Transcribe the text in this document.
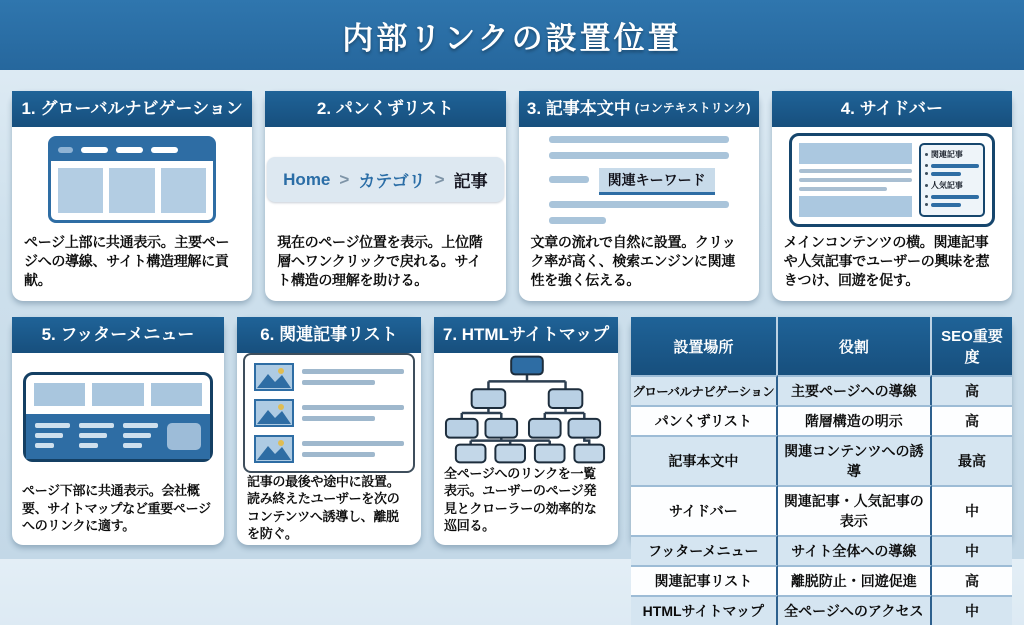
内部リンクの設置位置
1. グローバルナビゲーション

ページ上部に共通表示。主要ページへの導線、サイト構造理解に貢献。

2. パンくずリスト
Home > カテゴリ > 記事

現在のページ位置を表示。上位階層へワンクリックで戻れる。サイト構造の理解を助ける。

3. 記事本文中 (コンテキストリンク)
関連キーワード

文章の流れで自然に設置。クリック率が高く、検索エンジンに関連性を強く伝える。

4. サイドバー
関連記事
人気記事

メインコンテンツの横。関連記事や人気記事でユーザーの興味を惹きつけ、回遊を促す。

5. フッターメニュー

ページ下部に共通表示。会社概要、サイトマップなど重要ページへのリンクに適す。

6. 関連記事リスト

記事の最後や途中に設置。読み終えたユーザーを次のコンテンツへ誘導し、離脱を防ぐ。

7. HTMLサイトマップ

全ページへのリンクを一覧表示。ユーザーのページ発見とクローラーの効率的な巡回る。

設置場所	役割	SEO重要度
グローバルナビゲーション	主要ページへの導線	高
パンくずリスト	階層構造の明示	高
記事本文中	関連コンテンツへの誘導	最高
サイドバー	関連記事・人気記事の表示	中
フッターメニュー	サイト全体への導線	中
関連記事リスト	離脱防止・回遊促進	高
HTMLサイトマップ	全ページへのアクセス	中
